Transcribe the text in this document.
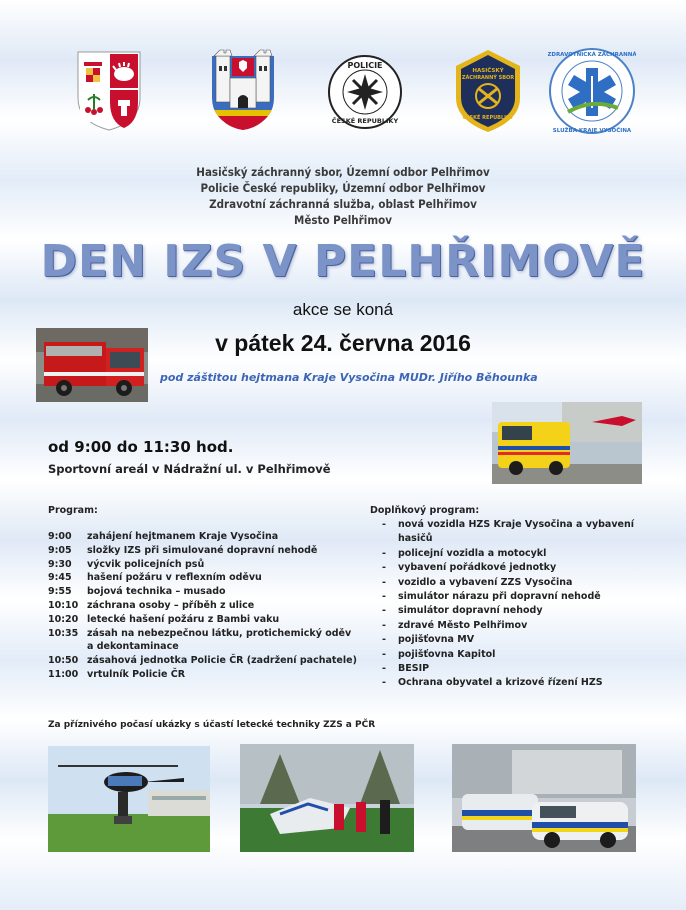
POLICIE
ČESKÉ REPUBLIKY
HASIČSKÝ
ZÁCHRANNÝ SBOR
ČESKÉ REPUBLIKY
ZDRAVOTNICKÁ ZÁCHRANNÁ
SLUŽBA KRAJE VYSOČINA
Hasičský záchranný sbor, Územní odbor Pelhřimov
Policie České republiky, Územní odbor Pelhřimov
Zdravotní záchranná služba, oblast Pelhřimov
Město Pelhřimov
DEN IZS V PELHŘIMOVĚ
akce se koná
v pátek 24. června 2016
pod záštitou hejtmana Kraje Vysočina MUDr. Jiřího Běhounka
od 9:00 do 11:30 hod.
Sportovní areál v Nádražní ul. v Pelhřimově
Program:
9:00	zahájení hejtmanem Kraje Vysočina
9:05	složky IZS při simulované dopravní nehodě
9:30	výcvik policejních psů
9:45	hašení požáru v reflexním oděvu
9:55	bojová technika – musado
10:10 záchrana osoby – příběh z ulice
10:20 letecké hašení požáru z Bambi vaku
10:35 zásah na nebezpečnou látku, protichemický oděv
a dekontaminace
10:50 zásahová jednotka Policie ČR (zadržení pachatele)
11:00 vrtulník Policie ČR
Doplňkový program:
-	nová vozidla HZS Kraje Vysočina a vybavení
hasičů
-	policejní vozidla a motocykl
-	vybavení pořádkové jednotky
-	vozidlo a vybavení ZZS Vysočina
-	simulátor nárazu při dopravní nehodě
-	simulátor dopravní nehody
-	zdravé Město Pelhřimov
-	pojišťovna MV
-	pojišťovna Kapitol
-	BESIP
-	Ochrana obyvatel a krizové řízení HZS
Za příznivého počasí ukázky s účastí letecké techniky ZZS a PČR
